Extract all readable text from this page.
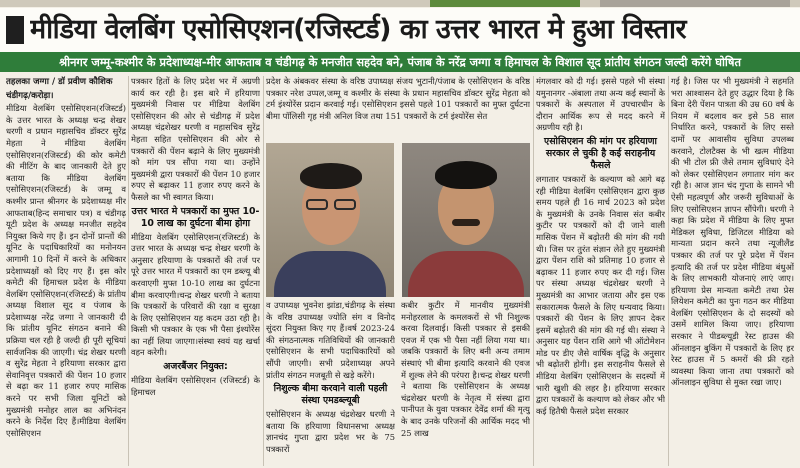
मीडिया वेलबिंग एसोसिएशन(रजिस्टर्ड) का उत्तर भारत मे हुआ विस्तार
श्रीनगर जम्मू-कश्मीर के प्रदेशाध्यक्ष-मीर आफताब व चंडीगढ़ के मनजीत सहदेव बने, पंजाब के नरेंद्र जग्गा व हिमाचल के विशाल सूद प्रांतीय संगठन जल्दी करेंगे घोषित

तहलका जग्गा / डॉ प्रवीण कौशिक

चंडीगढ़/करोड़ा।

मीडिया वेलबिंग एसोसिएशन(रजिस्टर्ड) के उत्तर भारत के अध्यक्ष चन्द्र शेखर धरणी व प्रधान महासचिव डॉक्टर सुरेंद्र मेहता ने मीडिया वेलबिंग एसोसिएशन(रजिस्टर्ड) की कोर कमेटी की मीटिंग के बाद जानकारी देते हुए बताया कि मीडिया वेलबिंग एसोसिएशन(रजिस्टर्ड) के जम्मू व कश्मीर प्रान्त श्रीनगर के प्रदेशाध्यक्ष मीर आफताब(हिन्द समाचार पत्र) व चंडीगढ़ यूटी प्रदेश के अध्यक्ष मनजीत सहदेव नियुक्त किये गए हैं। इन दोनों प्रान्तों की यूनिट के पदाधिकारियों का मनोनयन आगामी 10 दिनों में करने के अधिकार प्रदेशाध्यक्षों को दिए गए हैं। इस कोर कमेटी की हिमाचल प्रदेश के मीडिया वेलबिंग एसोसिएशन(रजिस्टर्ड) के प्रांतीय अध्यक्ष विशाल सूद व पंजाब के प्रदेशाध्यक्ष नरेंद्र जग्गा ने जानकारी दी कि प्रांतीय यूनिट संगठन बनाने की प्रक्रिया चल रही है जल्दी ही पूरी सूचियां सार्वजनिक की जाएगी। चंद्र शेखर धरणी व सुरेंद्र मेहता ने हरियाणा सरकार द्वारा सेवानिवृत्त पत्रकारों की पेंशन 10 हजार से बढ़ा कर 11 हजार रुपए मासिक करने पर सभी जिला यूनिटों को मुख्यमंत्री मनोहर लाल का अभिनंदन करने के निर्देश दिए हैं।मीडिया वेलबिंग एसोसिएशन

पत्रकार हितों के लिए प्रदेश भर में अग्रणी कार्य कर रही है। इस बारे में हरियाणा मुख्यमंत्री निवास पर मीडिया वेलबिंग एसोसिएशन की ओर से चंडीगढ़ में प्रदेश अध्यक्ष चंद्रशेखर धरणी व महासचिव सुरेंद्र मेहता सहित एसोसिएशन की ओर से पत्रकारों की पेंशन बढ़ाने के लिए मुख्यमंत्री को मांग पत्र सौंपा गया था। उन्होंने मुख्यमंत्री द्वारा पत्रकारों की पेंशन 10 हजार रुपए से बढ़ाकर 11 हजार रुपए करने के फैसले का भी स्वागत किया।

उत्तर भारत मे पत्रकारों का मुफ्त 10-10 लाख का दुर्घटना बीमा होगा

मीडिया वेलबिंग एसोसिएशन(रजिस्टर्ड) के उत्तर भारत के अध्यक्ष चन्द्र शेखर धरणी के अनुसार हरियाणा के पत्रकारों की तर्ज पर पूरे उत्तर भारत में पत्रकारों का एम डब्ल्यू बी करवाएगी मुफ्त 10-10 लाख का दुर्घटना बीमा करवाएगी।चन्द्र शेखर धरणी ने बताया कि पत्रकारों के परिवारों की रक्षा व सुरक्षा के लिए एसोसिएशन यह कदम उठा रही है। किसी भी पत्रकार के एक भी पैसा इंश्योरेंस का नहीं लिया जाएगा।संस्था स्वयं यह खर्चा वहन करेगी।

अजरबैंजर नियुक्त:

मीडिया वेलबिंग एसोसिएशन (रजिस्टर्ड) के हिमाचल

प्रदेश के अंबकवर संस्था के वरिष्ठ उपाध्यक्ष संजय भुटानी/पंजाब के एसोसिएशन के वरिष्ठ पत्रकार नरेश उप्पल,जम्मू व कश्मीर के संस्था के प्रधान महासचिव डॉक्टर सुरेंद्र मेहता को टर्म इंश्योरेंस प्रदान करवाई गई। एसोसिएशन इससे पहले 101 पत्रकारों का मुफ्त दुर्घटना बीमा पॉलिसी गृह मंत्री अनिल विज तथा 151 पत्रकारों के टर्म इंश्योरेंस सेत

व उपाध्यक्ष भुवनेश झांडा,चंडीगढ़ के संस्था के वरिष्ठ उपाध्यक्ष ज्योति संग व विनोद सुंदरा नियुक्त किए गए हैं।वर्ष 2023-24 की संगठनात्मक गतिविधियों की जानकारी एसोसिएशन के सभी पदाधिकारियों को सौंपी जाएगी। सभी प्रदेशाध्यक्ष अपने प्रांतीय संगठन मजबूती से खड़े करेंगे।

निशुल्क बीमा करवाने वाली पहली संस्था एमडब्ल्यूबी

एसोसिएशन के अध्यक्ष चंद्रशेखर धरणी ने बताया कि हरियाणा विधानसभा अध्यक्ष ज्ञानचंद गुप्ता द्वारा प्रदेश भर के 75 पत्रकारों

कबीर कुटीर में मानवीय मुख्यमंत्री मनोहरलाल के कमलकरों से भी निशुल्क करवा दिलवाई। किसी पत्रकार से इसकी एवज में एक भी पैसा नहीं लिया गया था। जबकि पत्रकारों के लिए बनी अन्य तमाम संस्थाएं भी बीमा इत्यादि करवाने की एवज में शुल्क लेने की परंपरा है।चन्द्र शेखर धरणी ने बताया कि एसोसिएशन के अध्यक्ष चंद्रशेखर धरणी के नेतृत्व में संस्था द्वारा पानीपत के युवा पत्रकार देवेंद्र शर्मा की मृत्यु के बाद उनके परिजनों की आर्थिक मदद भी 25 लाख

मंगलवार को दी गई। इससे पहले भी संस्था यमुनानगर -अंबाला तथा अन्य कई स्थानों के पत्रकारों के अस्पताल में उपचारधीन के दौरान आर्थिक रूप से मदद करने में अग्रणीय रही है।

एसोसिएशन की मांग पर हरियाणा सरकार ले चुकी है कई सराहनीय फैसले

लगातार पत्रकारों के कल्याण को आगे बढ़ रही मीडिया वेलबिंग एसोसिएशन द्वारा कुछ समय पहले ही 16 मार्च 2023 को प्रदेश के मुख्यमंत्री के उनके निवास संत कबीर कुटीर पर पत्रकारों को दी जाने वाली मासिक पेंशन में बढ़ोतरी की मांग की गयी थी। जिस पर तुरंत संज्ञान लेते हुए मुख्यमंत्री द्वारा पेंशन राशि को प्रतिमाह 10 हजार से बढ़ाकर 11 हजार रुपए कर दी गई। जिस पर संस्था अध्यक्ष चंद्रशेखर धरणी ने मुख्यमंत्री का आभार जताया और इस एक सकारात्मक फैसले के लिए धन्यवाद किया। पत्रकारों की पेंशन के लिए ज्ञापन देकर इसमें बढ़ोतरी की मांग की गई थी। संस्था ने अनुसार यह पेंशन राशि आगे भी ऑटोमेशन मोड पर डीए जैसे वार्षिक वृद्धि के अनुसार भी बढ़ोतरी होगी। इस सराहनीय फैसले से मीडिया वेलबिंग एसोसिएशन के सदस्यों में भारी खुशी की लहर है। हरियाणा सरकार द्वारा पत्रकारों के कल्याण को लेकर और भी कई हितैषी फैसले प्रदेश सरकार

गई है। जिस पर भी मुख्यमंत्री ने सहमति भरा आश्वासन देते हुए उद्धार दिया है कि बिना देरी पेंशन पात्रता की उम्र 60 वर्ष के नियम में बदलाव कर इसे 58 साल निर्धारित करने, पत्रकारों के लिए सस्ते दामों पर आवासीय सुविधा उपलब्ध करवाने, टोलटैक्स के भी खत्म मीडिया की भी टोल फ्री जैसे तमाम सुविधाएं देने को लेकर एसोसिएशन लगातार मांग कर रही है। आज ज्ञान चंद गुप्ता के सामने भी ऐसी महत्वपूर्ण और जरूरी सुविधाओं के लिए एसोसिएशन ज्ञापन सौंपेगी। धरणी ने कहा कि प्रदेश में मीडिया के लिए मुफ्त मेडिकल सुविधा, डिजिटल मीडिया को मान्यता प्रदान करने तथा न्यूजीलैंड पत्रकार की तर्ज पर पूरे प्रदेश में पेंशन इत्यादि की तर्ज पर प्रदेश मीडिया बंधुओं के लिए लाभकारी योजनाएं लाएं जाए। हरियाणा प्रेस मान्यता कमेटी तथा प्रेस लियेशन कमेटी का पुनः गठन कर मीडिया वेलबिंग एसोसिएशन के दो सदस्यों को उसमें शामिल किया जाए। हरियाणा सरकार ने पीडब्ल्यूडी रेस्ट हाउस की ऑनलाइन बुकिंग में पत्रकारों के लिए हर रेस्ट हाउस में 5 कमरों की फ्री रहते व्यवस्था किया जाना तथा पत्रकारों को ऑनलाइन सुविधा से मुक्त रखा जाए।
